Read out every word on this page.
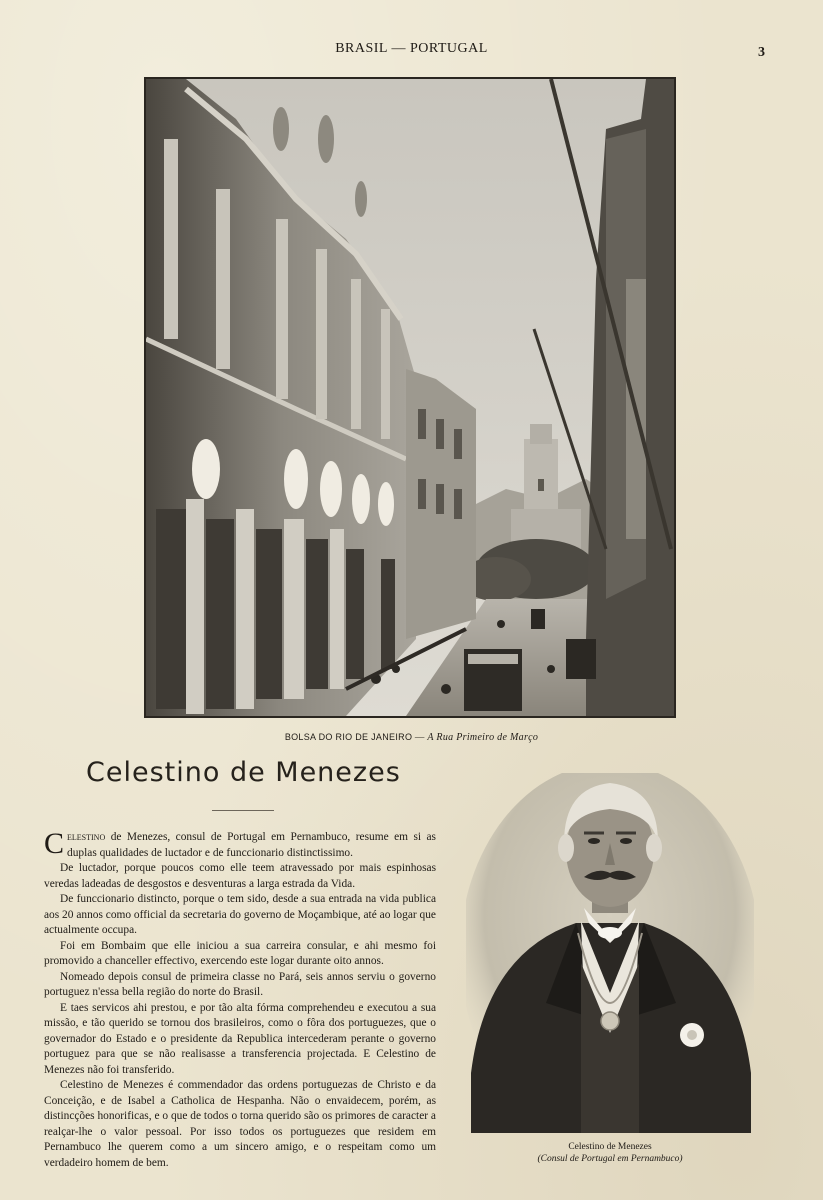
BRASIL — PORTUGAL	3
BOLSA DO RIO DE JANEIRO — A Rua Primeiro de Março
Celestino de Menezes

Celestino de Menezes, consul de Portugal em Pernambuco, resume em si as duplas qualidades de luctador e de funccionario distinctissimo.

De luctador, porque poucos como elle teem atravessado por mais espinhosas veredas ladeadas de desgostos e desventuras a larga estrada da Vida.

De funccionario distincto, porque o tem sido, desde a sua entrada na vida publica aos 20 annos como official da secretaria do governo de Moçambique, até ao logar que actualmente occupa.

Foi em Bombaim que elle iniciou a sua carreira consular, e ahi mesmo foi promovido a chanceller effectivo, exercendo este logar durante oito annos.

Nomeado depois consul de primeira classe no Pará, seis annos serviu o governo portuguez n'essa bella região do norte do Brasil.

E taes servicos ahi prestou, e por tão alta fórma comprehendeu e executou a sua missão, e tão querido se tornou dos brasileiros, como o fôra dos portuguezes, que o governador do Estado e o presidente da Republica intercederam perante o governo portuguez para que se não realisasse a transferencia projectada. E Celestino de Menezes não foi transferido.

Celestino de Menezes é commendador das ordens portuguezas de Christo e da Conceição, e de Isabel a Catholica de Hespanha. Não o envaidecem, porém, as distincções honorificas, e o que de todos o torna querido são os primores de caracter a realçar-lhe o valor pessoal. Por isso todos os portuguezes que residem em Pernambuco lhe querem como a um sincero amigo, e o respeitam como um verdadeiro homem de bem.

Celestino de Menezes
(Consul de Portugal em Pernambuco)
